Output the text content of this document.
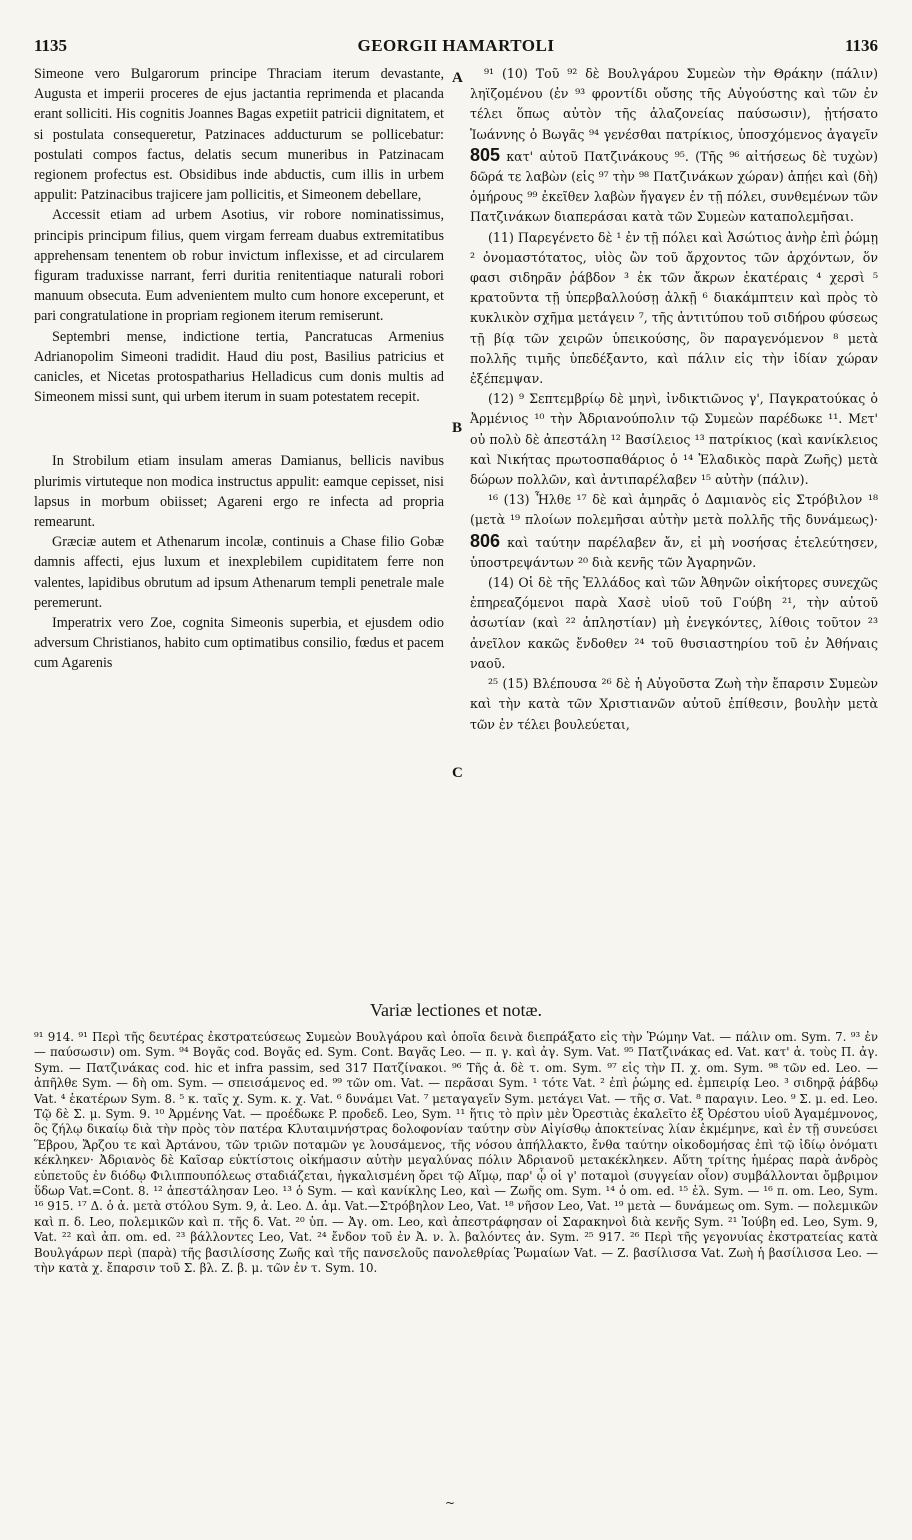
1135	GEORGII HAMARTOLI	1136
A
B
C

Simeone vero Bulgarorum principe Thraciam iterum devastante, Augusta et imperii proceres de ejus jactantia reprimenda et placanda erant solliciti. His cognitis Joannes Bagas expetiit patricii dignitatem, et si postulata consequeretur, Patzinaces adducturum se pollicebatur: postulati compos factus, delatis secum muneribus in Patzinacam regionem profectus est. Obsidibus inde abductis, cum illis in urbem appulit: Patzinacibus trajicere jam pollicitis, et Simeonem debellare,

Accessit etiam ad urbem Asotius, vir robore nominatissimus, principis principum filius, quem virgam ferream duabus extremitatibus apprehensam tenentem ob robur invictum inflexisse, et ad circularem figuram traduxisse narrant, ferri duritia renitentiaque naturali robori manuum obsecuta. Eum advenientem multo cum honore exceperunt, et pari congratulatione in propriam regionem iterum remiserunt.

Septembri mense, indictione tertia, Pancratucas Armenius Adrianopolim Simeoni tradidit. Haud diu post, Basilius patricius et canicles, et Nicetas protospatharius Helladicus cum donis multis ad Simeonem missi sunt, qui urbem iterum in suam potestatem recepit.

In Strobilum etiam insulam ameras Damianus, bellicis navibus plurimis virtuteque non modica instructus appulit: eamque cepisset, nisi lapsus in morbum obiisset; Agareni ergo re infecta ad propria remearunt.

Græciæ autem et Athenarum incolæ, continuis a Chase filio Gobæ damnis affecti, ejus luxum et inexplebilem cupiditatem ferre non valentes, lapidibus obrutum ad ipsum Athenarum templi penetrale male peremerunt.

Imperatrix vero Zoe, cognita Simeonis superbia, et ejusdem odio adversum Christianos, habito cum optimatibus consilio, fœdus et pacem cum Agarenis

⁹¹ (10) Τοῦ ⁹² δὲ Βουλγάρου Συμεὼν τὴν Θράκην (πάλιν) ληϊζομένου (ἐν ⁹³ φροντίδι οὔσης τῆς Αὐγούστης καὶ τῶν ἐν τέλει ὅπως αὐτὸν τῆς ἀλαζονείας παύσωσιν), ᾐτήσατο Ἰωάννης ὁ Βωγᾶς ⁹⁴ γενέσθαι πατρίκιος, ὑποσχόμενος ἀγαγεῖν 805 κατ' αὐτοῦ Πατζινάκους ⁹⁵. (Τῆς ⁹⁶ αἰτήσεως δὲ τυχὼν) δῶρά τε λαβὼν (εἰς ⁹⁷ τὴν ⁹⁸ Πατζινάκων χώραν) ἀπῄει καὶ (δὴ) ὁμήρους ⁹⁹ ἐκεῖθεν λαβὼν ἤγαγεν ἐν τῇ πόλει, συνθεμένων τῶν Πατζινάκων διαπεράσαι κατὰ τῶν Συμεὼν καταπολεμῆσαι.

(11) Παρεγένετο δὲ ¹ ἐν τῇ πόλει καὶ Ἀσώτιος ἀνὴρ ἐπὶ ῥώμῃ ² ὀνομαστότατος, υἱὸς ὢν τοῦ ἄρχοντος τῶν ἀρχόντων, ὅν φασι σιδηρᾶν ῥάβδον ³ ἐκ τῶν ἄκρων ἑκατέραις ⁴ χερσὶ ⁵ κρατοῦντα τῇ ὑπερβαλλούσῃ ἀλκῇ ⁶ διακάμπτειν καὶ πρὸς τὸ κυκλικὸν σχῆμα μετάγειν ⁷, τῆς ἀντιτύπου τοῦ σιδήρου φύσεως τῇ βίᾳ τῶν χειρῶν ὑπεικούσης, ὃν παραγενόμενον ⁸ μετὰ πολλῆς τιμῆς ὑπεδέξαντο, καὶ πάλιν εἰς τὴν ἰδίαν χώραν ἐξέπεμψαν.

(12) ⁹ Σεπτεμβρίῳ δὲ μηνὶ, ἰνδικτιῶνος γ', Παγκρατούκας ὁ Ἀρμένιος ¹⁰ τὴν Ἀδριανούπολιν τῷ Συμεὼν παρέδωκε ¹¹. Μετ' οὐ πολὺ δὲ ἀπεστάλη ¹² Βασίλειος ¹³ πατρίκιος (καὶ κανίκλειος καὶ Νικήτας πρωτοσπαθάριος ὁ ¹⁴ Ἑλαδικὸς παρὰ Ζωῆς) μετὰ δώρων πολλῶν, καὶ ἀντιπαρέλαβεν ¹⁵ αὐτὴν (πάλιν).

¹⁶ (13) Ἦλθε ¹⁷ δὲ καὶ ἀμηρᾶς ὁ Δαμιανὸς εἰς Στρόβιλον ¹⁸ (μετὰ ¹⁹ πλοίων πολεμῆσαι αὐτὴν μετὰ πολλῆς τῆς δυνάμεως)· 806 καὶ ταύτην παρέλαβεν ἄν, εἰ μὴ νοσήσας ἐτελεύτησεν, ὑποστρεψάντων ²⁰ διὰ κενῆς τῶν Ἀγαρηνῶν.

(14) Οἱ δὲ τῆς Ἑλλάδος καὶ τῶν Ἀθηνῶν οἰκήτορες συνεχῶς ἐπηρεαζόμενοι παρὰ Χασὲ υἱοῦ τοῦ Γούβη ²¹, τὴν αὐτοῦ ἀσωτίαν (καὶ ²² ἀπληστίαν) μὴ ἐνεγκόντες, λίθοις τοῦτον ²³ ἀνεῖλον κακῶς ἔνδοθεν ²⁴ τοῦ θυσιαστηρίου τοῦ ἐν Ἀθήναις ναοῦ.

²⁵ (15) Βλέπουσα ²⁶ δὲ ἡ Αὐγοῦστα Ζωὴ τὴν ἔπαρσιν Συμεὼν καὶ τὴν κατὰ τῶν Χριστιανῶν αὐτοῦ ἐπίθεσιν, βουλὴν μετὰ τῶν ἐν τέλει βουλεύεται,

Variæ lectiones et notæ.

⁹¹ 914. ⁹¹ Περὶ τῆς δευτέρας ἐκστρατεύσεως Συμεὼν Βουλγάρου καὶ ὁποῖα δεινὰ διεπράξατο εἰς τὴν Ῥώμην Vat. — πάλιν om. Sym. 7. ⁹³ ἐν — παύσωσιν) om. Sym. ⁹⁴ Βογᾶς cod. Βογᾶς ed. Sym. Cont. Βαγᾶς Leo. — π. γ. καὶ ἀγ. Sym. Vat. ⁹⁵ Πατζινάκας ed. Vat. κατ' ἀ. τοὺς Π. ἀγ. Sym. — Πατζινάκας cod. hic et infra passim, sed 317 Πατζίνακοι. ⁹⁶ Τῆς ἀ. δὲ τ. om. Sym. ⁹⁷ εἰς τὴν Π. χ. om. Sym. ⁹⁸ τῶν ed. Leo. — ἀπῆλθε Sym. — δὴ om. Sym. — σπεισάμενος ed. ⁹⁹ τῶν om. Vat. — περᾶσαι Sym. ¹ τότε Vat. ² ἐπὶ ῥώμης ed. ἐμπειρίᾳ Leo. ³ σιδηρᾷ ῥάβδῳ Vat. ⁴ ἑκατέρων Sym. 8. ⁵ κ. ταῖς χ. Sym. κ. χ. Vat. ⁶ δυνάμει Vat. ⁷ μεταγαγεῖν Sym. μετάγει Vat. — τῆς σ. Vat. ⁸ παραγιν. Leo. ⁹ Σ. μ. ed. Leo. Τῷ δὲ Σ. μ. Sym. 9. ¹⁰ Ἀρμένης Vat. — προέδωκε P. προδεδ. Leo, Sym. ¹¹ ἥτις τὸ πρὶν μὲν Ὀρεστιὰς ἐκαλεῖτο ἐξ Ὀρέστου υἱοῦ Ἀγαμέμνονος, ὃς ζήλῳ δικαίῳ διὰ τὴν πρὸς τὸν πατέρα Κλυταιμνήστρας δολοφονίαν ταύτην σὺν Αἰγίσθῳ ἀποκτείνας λίαν ἐκμέμηνε, καὶ ἐν τῇ συνεύσει Ἕβρου, Ἄρζου τε καὶ Ἀρτάνου, τῶν τριῶν ποταμῶν γε λουσάμενος, τῆς νόσου ἀπήλλακτο, ἔνθα ταύτην οἰκοδομήσας ἐπὶ τῷ ἰδίῳ ὀνόματι κέκληκεν· Ἀδριανὸς δὲ Καῖσαρ εὐκτίστοις οἰκήμασιν αὐτὴν μεγαλύνας πόλιν Ἀδριανοῦ μετακέκληκεν. Αὕτη τρίτης ἡμέρας παρὰ ἀνδρὸς εὐπετοῦς ἐν διόδῳ Φιλιππουπόλεως σταδιάζεται, ἠγκαλισμένη ὄρει τῷ Αἵμῳ, παρ' ᾧ οἱ γ' ποταμοὶ (συγγείαν οἷον) συμβάλλονται ὄμβριμον ὕδωρ Vat.=Cont. 8. ¹² ἀπεστάλησαν Leo. ¹³ ὁ Sym. — καὶ κανίκλης Leo, καὶ — Ζωῆς om. Sym. ¹⁴ ὁ om. ed. ¹⁵ ἐλ. Sym. — ¹⁶ π. om. Leo, Sym. ¹⁶ 915. ¹⁷ Δ. ὁ ἀ. μετὰ στόλου Sym. 9, ἀ. Leo. Δ. ἀμ. Vat.—Στρόβηλον Leo, Vat. ¹⁸ νῆσον Leo, Vat. ¹⁹ μετὰ — δυνάμεως om. Sym. — πολεμικῶν καὶ π. δ. Leo, πολεμικῶν καὶ π. τῆς δ. Vat. ²⁰ ὑπ. — Ἀγ. om. Leo, καὶ ἀπεστράφησαν οἱ Σαρακηνοὶ διὰ κενῆς Sym. ²¹ Ἰούβη ed. Leo, Sym. 9, Vat. ²² καὶ ἀπ. om. ed. ²³ βάλλοντες Leo, Vat. ²⁴ ἔνδον τοῦ ἐν Ἀ. ν. λ. βαλόντες ἀν. Sym. ²⁵ 917. ²⁶ Περὶ τῆς γεγονυίας ἐκστρατείας κατὰ Βουλγάρων περὶ (παρὰ) τῆς βασιλίσσης Ζωῆς καὶ τῆς πανσελοῦς πανολεθρίας Ῥωμαίων Vat. — Ζ. βασίλισσα Vat. Ζωὴ ἡ βασίλισσα Leo. — τὴν κατὰ χ. ἔπαρσιν τοῦ Σ. βλ. Ζ. β. μ. τῶν ἐν τ. Sym. 10.

~
